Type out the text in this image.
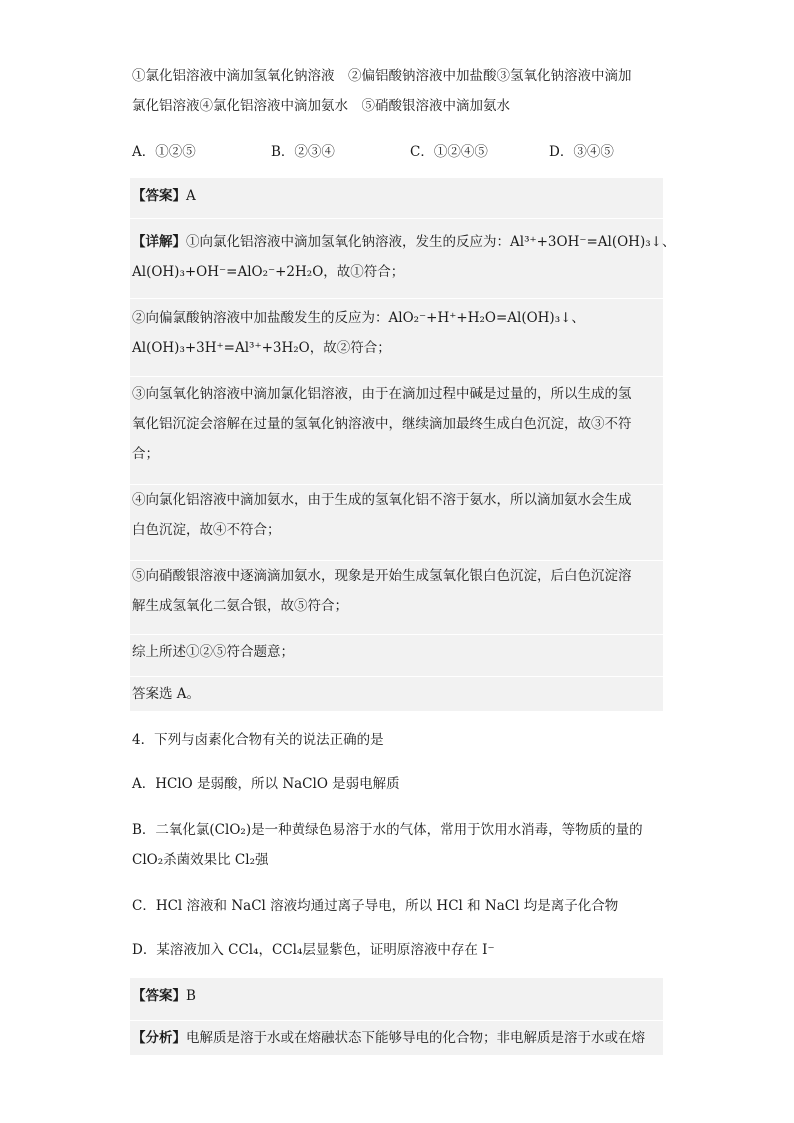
①氯化铝溶液中滴加氢氧化钠溶液　②偏铝酸钠溶液中加盐酸③氢氧化钠溶液中滴加
氯化铝溶液④氯化铝溶液中滴加氨水　⑤硝酸银溶液中滴加氨水
A．①②⑤	B．②③④	C．①②④⑤	D．③④⑤
【答案】A
【详解】①向氯化铝溶液中滴加氢氧化钠溶液，发生的反应为：Al³⁺+3OH⁻=Al(OH)₃↓、
Al(OH)₃+OH⁻=AlO₂⁻+2H₂O，故①符合；
②向偏氯酸钠溶液中加盐酸发生的反应为：AlO₂⁻+H⁺+H₂O=Al(OH)₃↓、
Al(OH)₃+3H⁺=Al³⁺+3H₂O，故②符合；
③向氢氧化钠溶液中滴加氯化铝溶液，由于在滴加过程中碱是过量的，所以生成的氢
氧化铝沉淀会溶解在过量的氢氧化钠溶液中，继续滴加最终生成白色沉淀，故③不符
合；
④向氯化铝溶液中滴加氨水，由于生成的氢氧化铝不溶于氨水，所以滴加氨水会生成
白色沉淀，故④不符合；
⑤向硝酸银溶液中逐滴滴加氨水，现象是开始生成氢氧化银白色沉淀，后白色沉淀溶
解生成氢氧化二氨合银，故⑤符合；
综上所述①②⑤符合题意；
答案选 A。
4．下列与卤素化合物有关的说法正确的是
A．HClO 是弱酸，所以 NaClO 是弱电解质
B．二氧化氯(ClO₂)是一种黄绿色易溶于水的气体，常用于饮用水消毒，等物质的量的
ClO₂杀菌效果比 Cl₂强
C．HCl 溶液和 NaCl 溶液均通过离子导电，所以 HCl 和 NaCl 均是离子化合物
D．某溶液加入 CCl₄，CCl₄层显紫色，证明原溶液中存在 I⁻
【答案】B
【分析】电解质是溶于水或在熔融状态下能够导电的化合物；非电解质是溶于水或在熔
